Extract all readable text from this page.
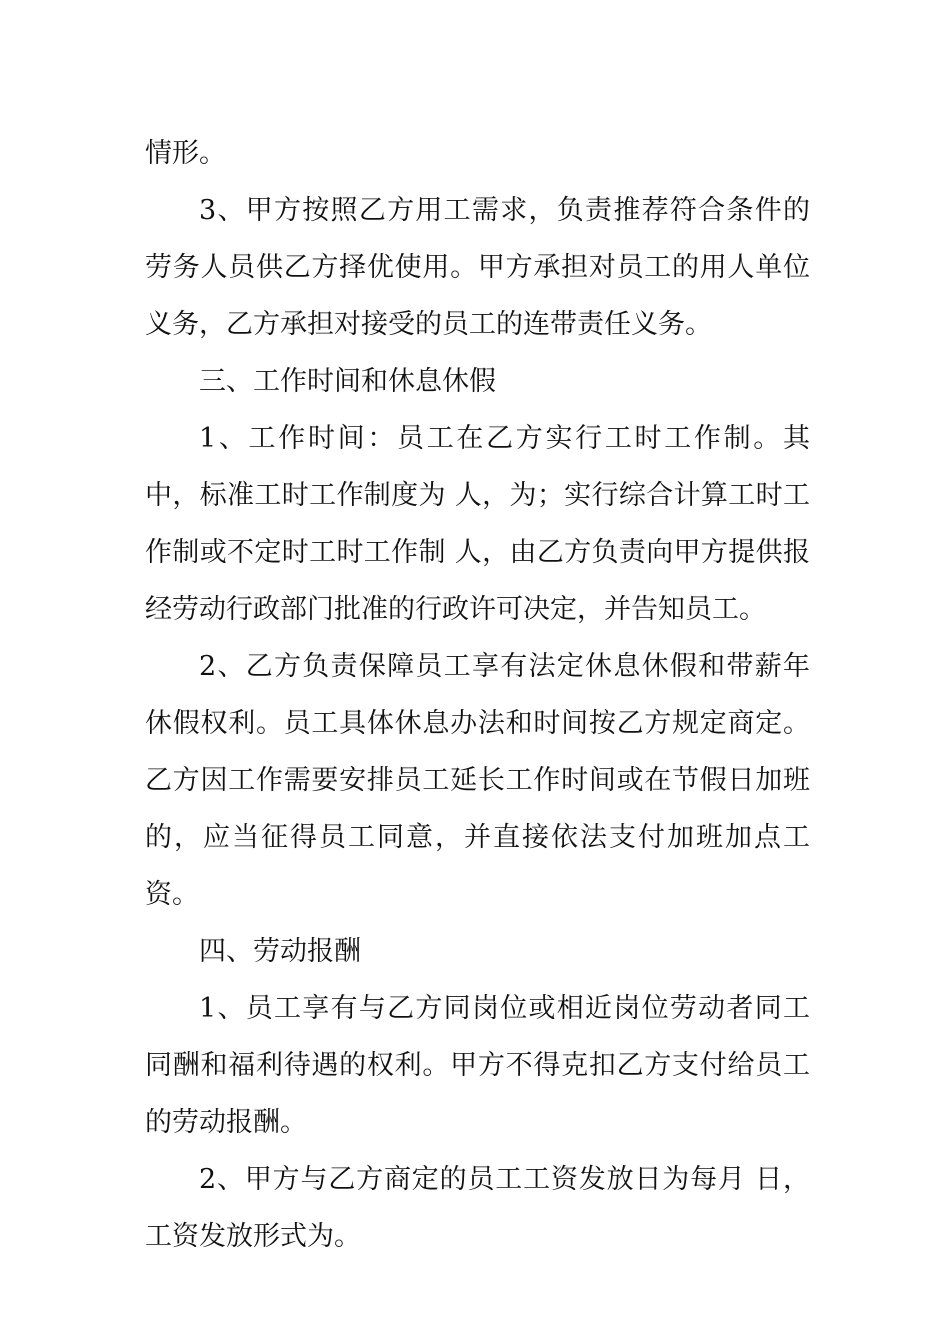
情形。

3、甲方按照乙方用工需求，负责推荐符合条件的劳务人员供乙方择优使用。甲方承担对员工的用人单位义务，乙方承担对接受的员工的连带责任义务。

三、工作时间和休息休假

1、工作时间：员工在乙方实行工时工作制。其中，标准工时工作制度为 人，为；实行综合计算工时工作制或不定时工时工作制 人，由乙方负责向甲方提供报经劳动行政部门批准的行政许可决定，并告知员工。

2、乙方负责保障员工享有法定休息休假和带薪年休假权利。员工具体休息办法和时间按乙方规定商定。乙方因工作需要安排员工延长工作时间或在节假日加班的，应当征得员工同意，并直接依法支付加班加点工资。

四、劳动报酬

1、员工享有与乙方同岗位或相近岗位劳动者同工同酬和福利待遇的权利。甲方不得克扣乙方支付给员工的劳动报酬。

2、甲方与乙方商定的员工工资发放日为每月 日，工资发放形式为。
